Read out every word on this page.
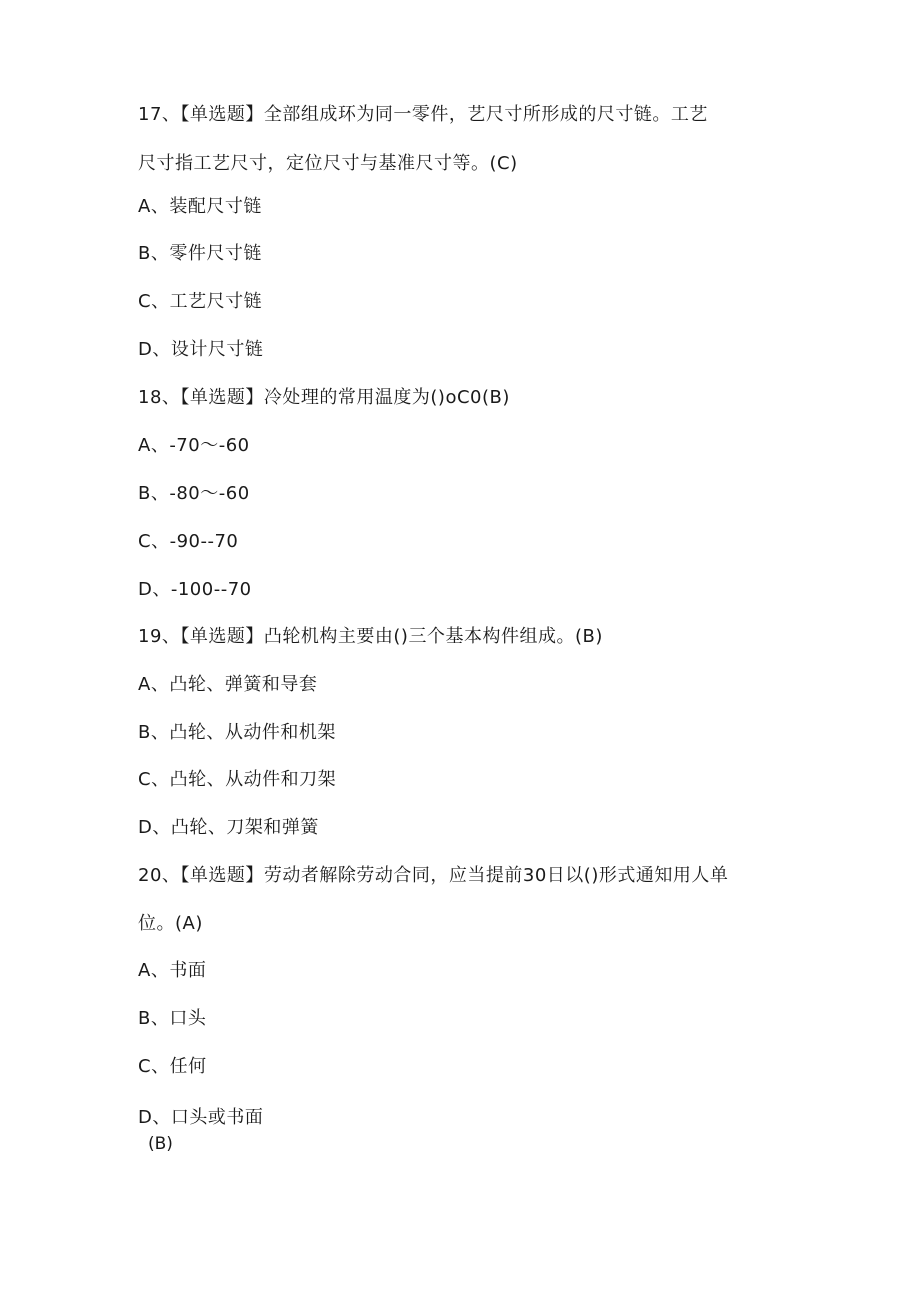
17、【单选题】全部组成环为同一零件，艺尺寸所形成的尺寸链。工艺
尺寸指工艺尺寸，定位尺寸与基准尺寸等。(C)
A、装配尺寸链
B、零件尺寸链
C、工艺尺寸链
D、设计尺寸链
18、【单选题】冷处理的常用温度为()oC0(B)
A、-70〜-60
B、-80〜-60
C、-90--70
D、-100--70
19、【单选题】凸轮机构主要由()三个基本构件组成。(B)
A、凸轮、弹簧和导套
B、凸轮、从动件和机架
C、凸轮、从动件和刀架
D、凸轮、刀架和弹簧
20、【单选题】劳动者解除劳动合同，应当提前30日以()形式通知用人单
位。(A)
A、书面
B、口头
C、任何
D、口头或书面
(B)
